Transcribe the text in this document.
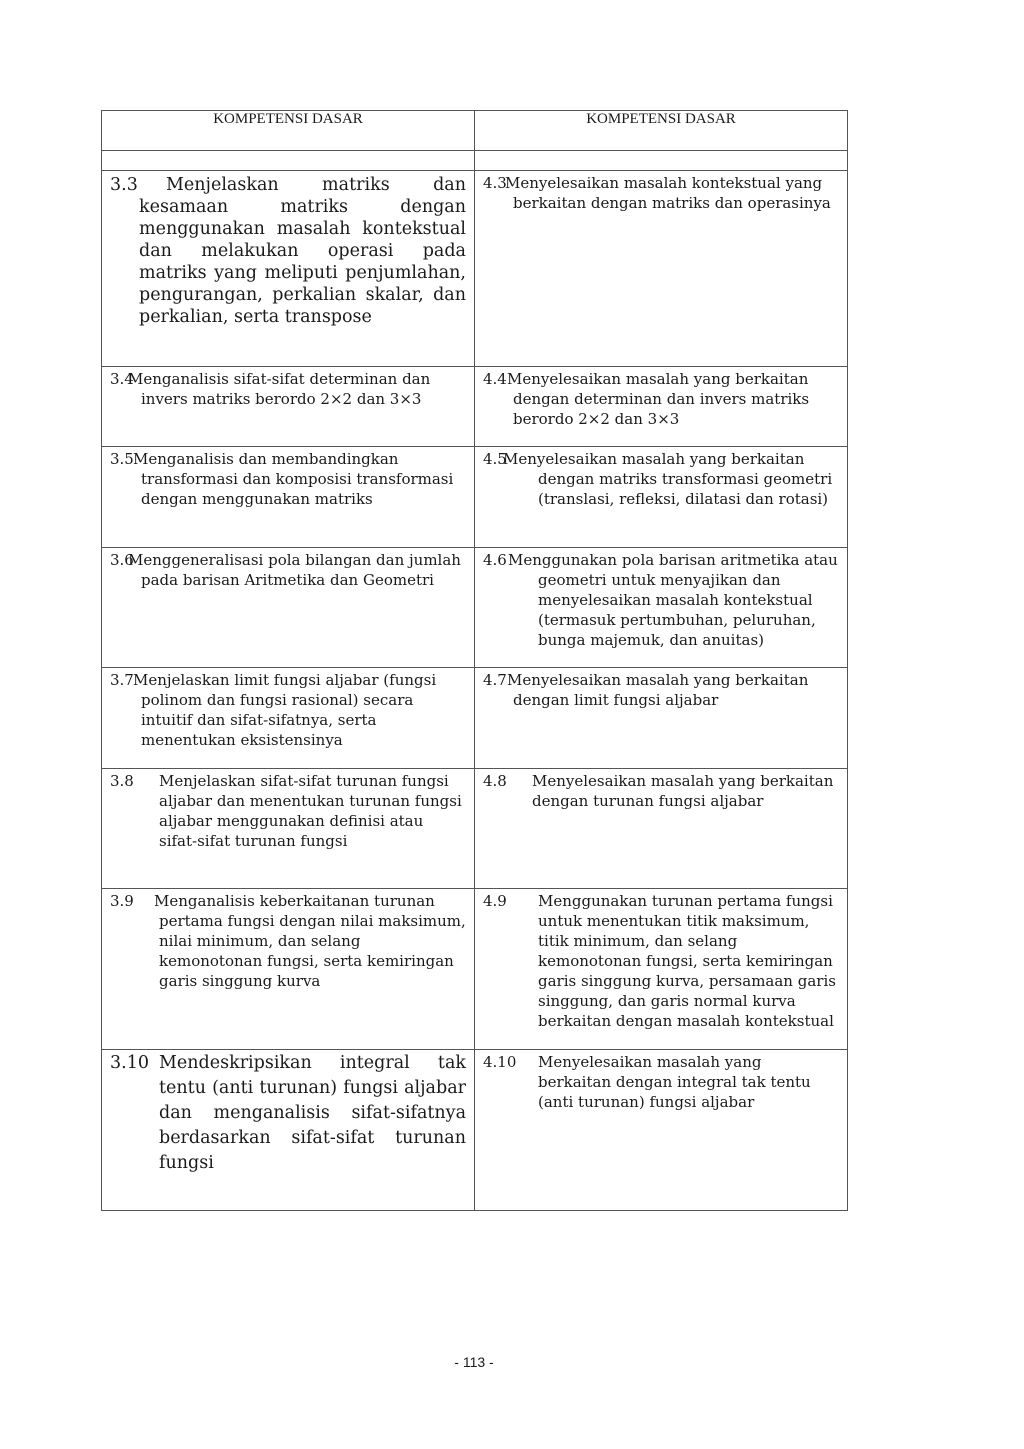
KOMPETENSI DASAR	KOMPETENSI DASAR

3.3 Menjelaskan matriks dan kesamaan matriks dengan menggunakan masalah kontekstual dan melakukan operasi pada matriks yang meliputi penjumlahan, pengurangan, perkalian skalar, dan perkalian, serta transpose	4.3
Menyelesaikan masalah kontekstual yang berkaitan dengan matriks dan operasinya

3.4
Menganalisis sifat-sifat determinan dan invers matriks berordo 2×2 dan 3×3	4.4 Menyelesaikan masalah yang berkaitan dengan determinan dan invers matriks berordo 2×2 dan 3×3

3.5 Menganalisis dan membandingkan transformasi dan komposisi transformasi dengan menggunakan matriks	4.5
Menyelesaikan masalah yang berkaitan dengan matriks transformasi geometri (translasi, refleksi, dilatasi dan rotasi)

3.6
Menggeneralisasi pola bilangan dan jumlah pada barisan Aritmetika dan Geometri	4.6 Menggunakan pola barisan aritmetika atau geometri untuk menyajikan dan menyelesaikan masalah kontekstual (termasuk pertumbuhan, peluruhan, bunga majemuk, dan anuitas)

3.7 Menjelaskan limit fungsi aljabar (fungsi polinom dan fungsi rasional) secara intuitif dan sifat-sifatnya, serta menentukan eksistensinya	4.7 Menyelesaikan masalah yang berkaitan dengan limit fungsi aljabar

3.8 Menjelaskan sifat-sifat turunan fungsi aljabar dan menentukan turunan fungsi aljabar menggunakan definisi atau sifat-sifat turunan fungsi	4.8 Menyelesaikan masalah yang berkaitan dengan turunan fungsi aljabar

3.9 Menganalisis keberkaitanan turunan pertama fungsi dengan nilai maksimum, nilai minimum, dan selang kemonotonan fungsi, serta kemiringan garis singgung kurva	4.9 Menggunakan turunan pertama fungsi untuk menentukan titik maksimum, titik minimum, dan selang kemonotonan fungsi, serta kemiringan garis singgung kurva, persamaan garis singgung, dan garis normal kurva berkaitan dengan masalah kontekstual

3.10 Mendeskripsikan integral tak tentu (anti turunan) fungsi aljabar dan menganalisis sifat-sifatnya berdasarkan sifat-sifat turunan fungsi	4.10 Menyelesaikan masalah yang berkaitan dengan integral tak tentu (anti turunan) fungsi aljabar
- 113 -
